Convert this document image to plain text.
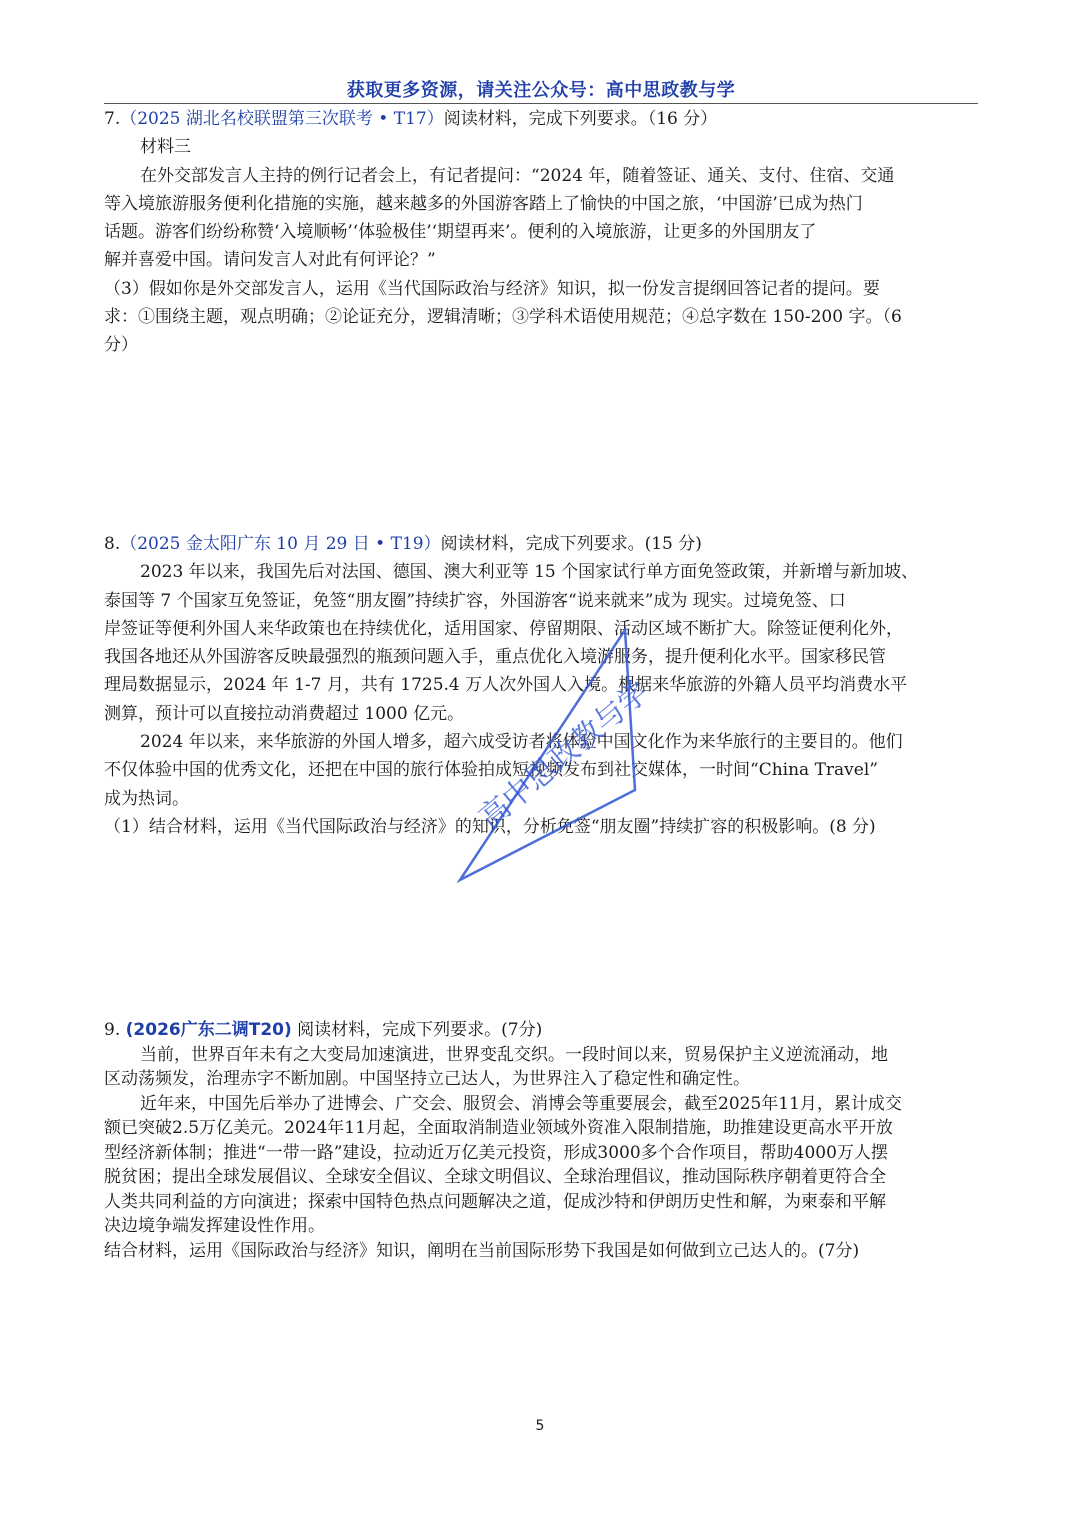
获取更多资源，请关注公众号：高中思政教与学
7.（2025 湖北名校联盟第三次联考 • T17）阅读材料，完成下列要求。（16 分）
材料三
在外交部发言人主持的例行记者会上，有记者提问：“2024 年，随着签证、通关、支付、住宿、交通
等入境旅游服务便利化措施的实施，越来越多的外国游客踏上了愉快的中国之旅，‘中国游’已成为热门
话题。游客们纷纷称赞‘入境顺畅’‘体验极佳’‘期望再来’。便利的入境旅游，让更多的外国朋友了
解并喜爱中国。请问发言人对此有何评论？”
（3）假如你是外交部发言人，运用《当代国际政治与经济》知识，拟一份发言提纲回答记者的提问。要
求：①围绕主题，观点明确；②论证充分，逻辑清晰；③学科术语使用规范；④总字数在 150-200 字。（6
分）
8.（2025 金太阳广东 10 月 29 日 • T19）阅读材料，完成下列要求。(15 分)
2023 年以来，我国先后对法国、德国、澳大利亚等 15 个国家试行单方面免签政策，并新增与新加坡、
泰国等 7 个国家互免签证，免签“朋友圈”持续扩容，外国游客“说来就来”成为 现实。过境免签、口
岸签证等便利外国人来华政策也在持续优化，适用国家、停留期限、活动区域不断扩大。除签证便利化外，
我国各地还从外国游客反映最强烈的瓶颈问题入手，重点优化入境游服务，提升便利化水平。国家移民管
理局数据显示，2024 年 1-7 月，共有 1725.4 万人次外国人入境。根据来华旅游的外籍人员平均消费水平
测算，预计可以直接拉动消费超过 1000 亿元。
2024 年以来，来华旅游的外国人增多，超六成受访者将体验中国文化作为来华旅行的主要目的。他们
不仅体验中国的优秀文化，还把在中国的旅行体验拍成短视频发布到社交媒体，一时间“China Travel”
成为热词。
（1）结合材料，运用《当代国际政治与经济》的知识，分析免签“朋友圈”持续扩容的积极影响。(8 分)
9. (2026广东二调T20) 阅读材料，完成下列要求。(7分)
当前，世界百年未有之大变局加速演进，世界变乱交织。一段时间以来，贸易保护主义逆流涌动，地
区动荡频发，治理赤字不断加剧。中国坚持立己达人，为世界注入了稳定性和确定性。
近年来，中国先后举办了进博会、广交会、服贸会、消博会等重要展会，截至2025年11月，累计成交
额已突破2.5万亿美元。2024年11月起，全面取消制造业领域外资准入限制措施，助推建设更高水平开放
型经济新体制；推进“一带一路”建设，拉动近万亿美元投资，形成3000多个合作项目，帮助4000万人摆
脱贫困；提出全球发展倡议、全球安全倡议、全球文明倡议、全球治理倡议，推动国际秩序朝着更符合全
人类共同利益的方向演进；探索中国特色热点问题解决之道，促成沙特和伊朗历史性和解，为柬泰和平解
决边境争端发挥建设性作用。
结合材料，运用《国际政治与经济》知识，阐明在当前国际形势下我国是如何做到立己达人的。(7分)
高中思政教与学
5
